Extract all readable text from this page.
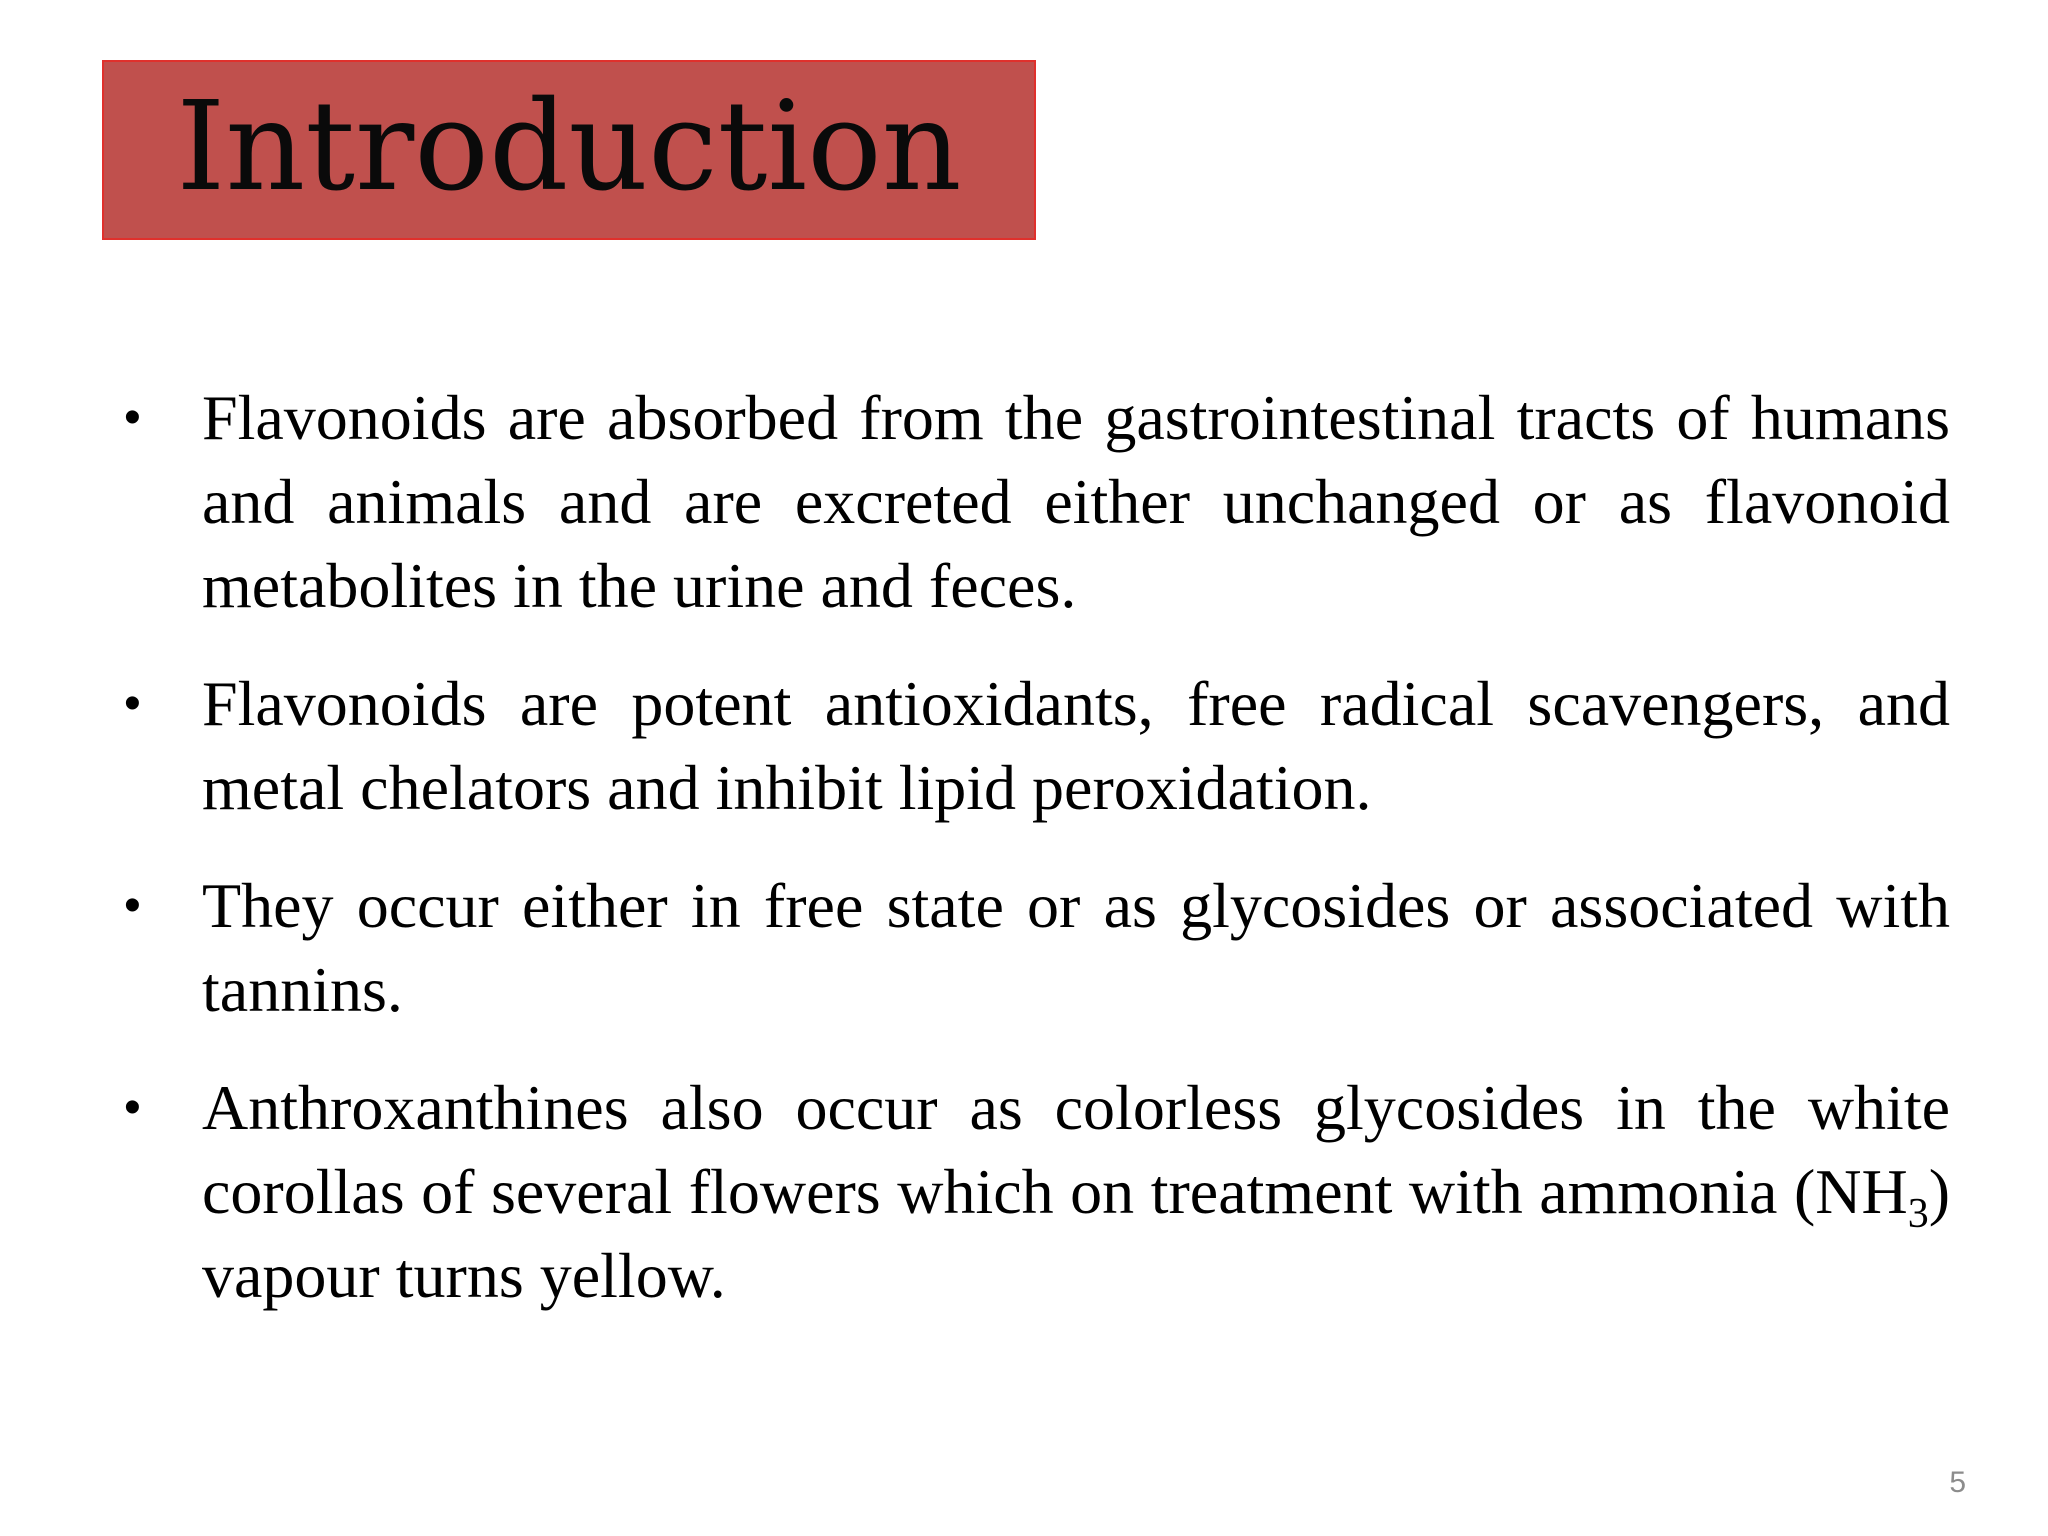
Introduction
• Flavonoids are absorbed from the gastrointestinal tracts of humans and animals and are excreted either unchanged or as flavonoid metabolites in the urine and feces.
• Flavonoids are potent antioxidants, free radical scavengers, and metal chelators and inhibit lipid peroxidation.
• They occur either in free state or as glycosides or associated with tannins.
• Anthroxanthines also occur as colorless glycosides in the white corollas of several flowers which on treatment with ammonia $(NH_3)$ vapour turns yellow.
5
